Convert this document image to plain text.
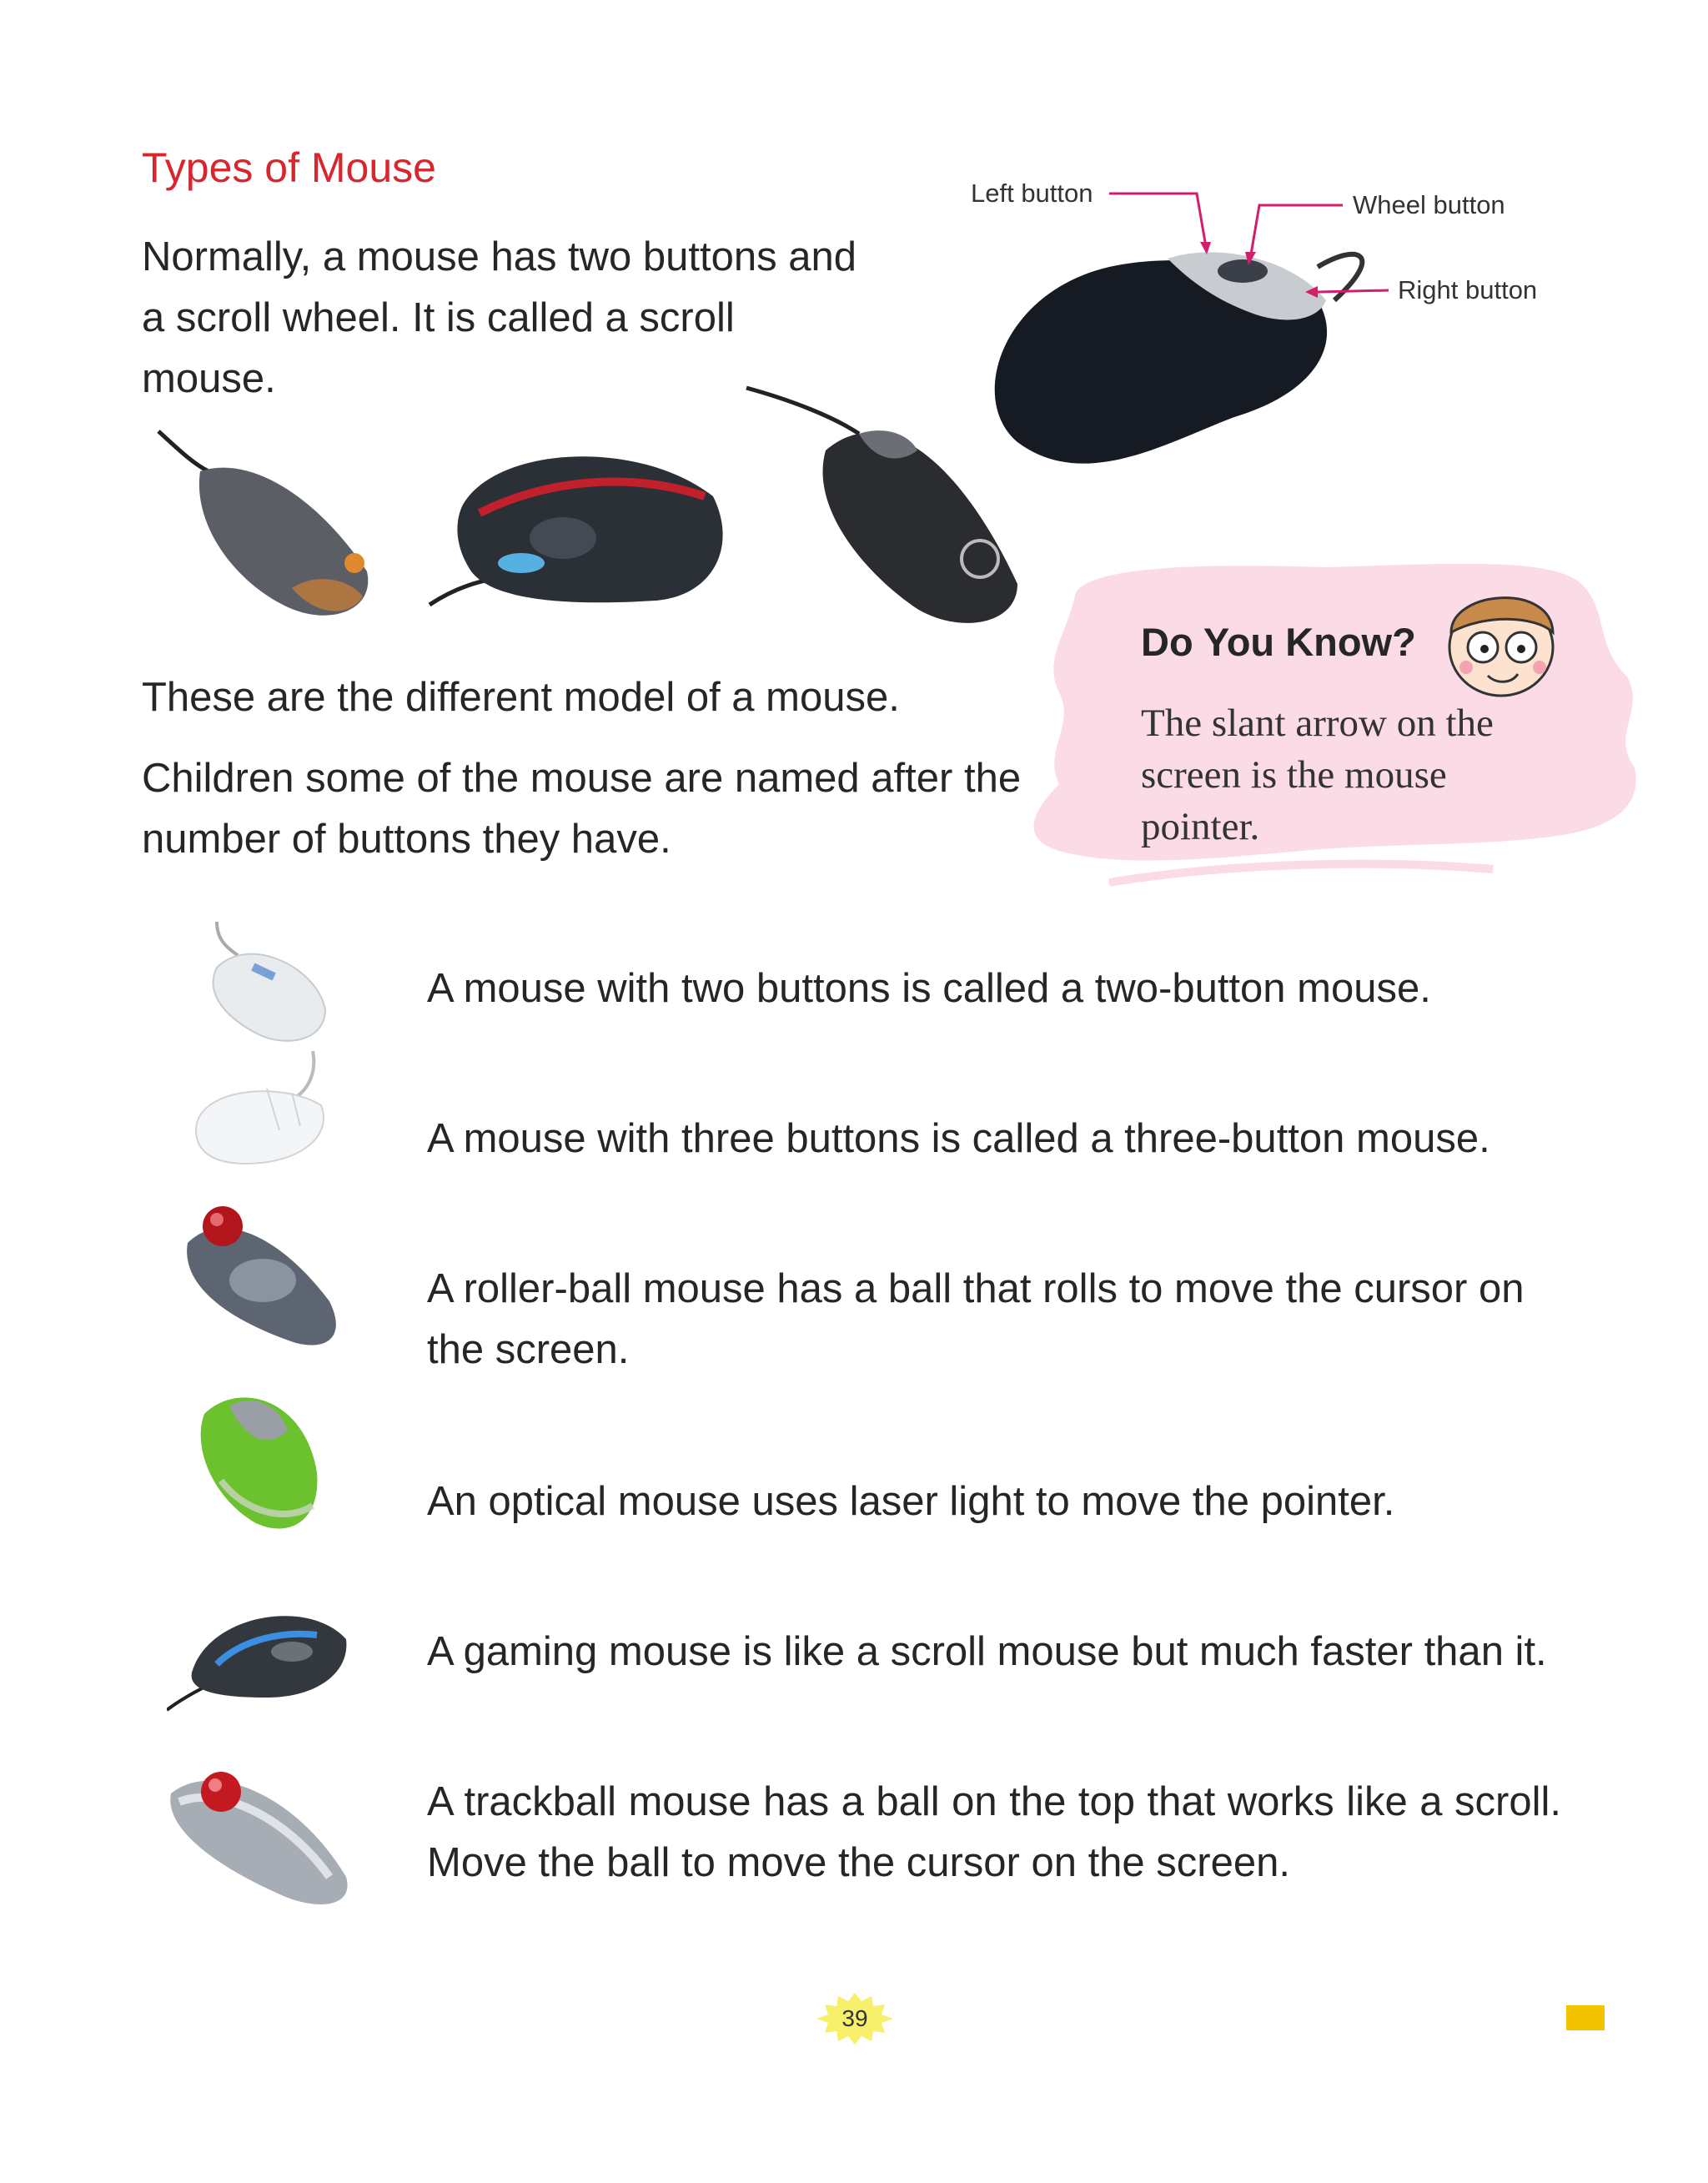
Types of Mouse
Normally, a mouse has two buttons and a scroll wheel. It is called a scroll mouse.
Left button	Wheel button
Right button
Do You Know?
The slant arrow on the screen is the mouse pointer.
These are the different model of a mouse.
Children some of the mouse are named after the number of buttons they have.
A mouse with two buttons is called a two-button mouse.
A mouse with three buttons is called a three-button mouse.
A roller-ball mouse has a ball that rolls to move the cursor on the screen.
An optical mouse uses laser light to move the pointer.
A gaming mouse is like a scroll mouse but much faster than it.
A trackball mouse has a ball on the top that works like a scroll. Move the ball to move the cursor on the screen.
39
